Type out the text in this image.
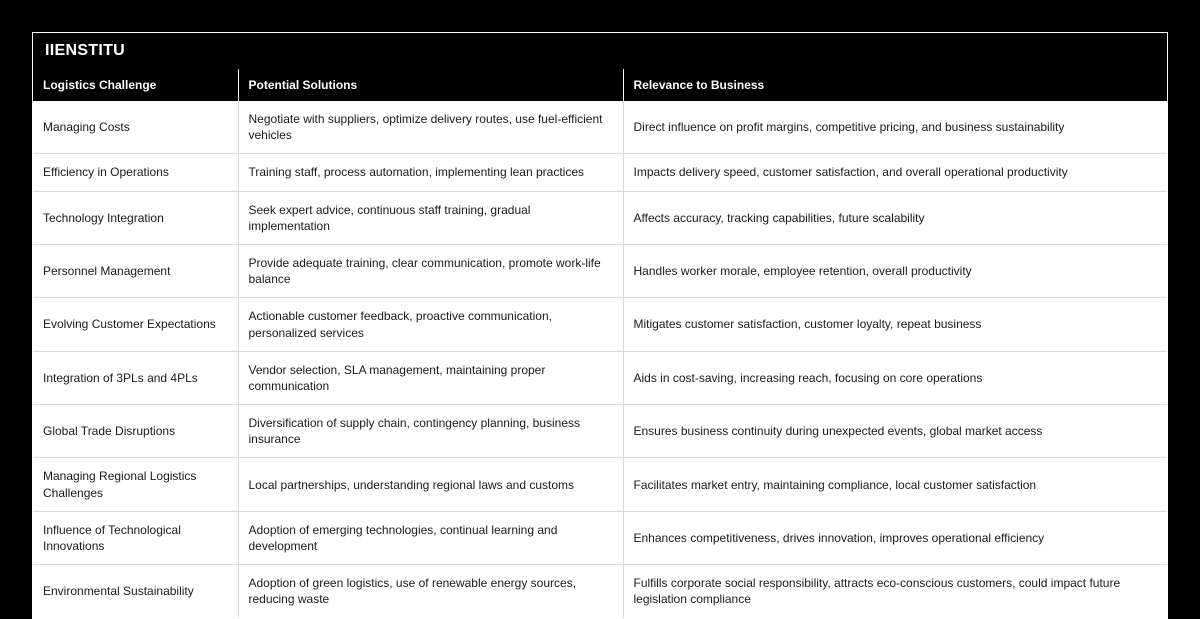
IIENSTITU
Logistics Challenge	Potential Solutions	Relevance to Business
Managing Costs	Negotiate with suppliers, optimize delivery routes, use fuel-efficient vehicles	Direct influence on profit margins, competitive pricing, and business sustainability
Efficiency in Operations	Training staff, process automation, implementing lean practices	Impacts delivery speed, customer satisfaction, and overall operational productivity
Technology Integration	Seek expert advice, continuous staff training, gradual implementation	Affects accuracy, tracking capabilities, future scalability
Personnel Management	Provide adequate training, clear communication, promote work-life balance	Handles worker morale, employee retention, overall productivity
Evolving Customer Expectations	Actionable customer feedback, proactive communication, personalized services	Mitigates customer satisfaction, customer loyalty, repeat business
Integration of 3PLs and 4PLs	Vendor selection, SLA management, maintaining proper communication	Aids in cost-saving, increasing reach, focusing on core operations
Global Trade Disruptions	Diversification of supply chain, contingency planning, business insurance	Ensures business continuity during unexpected events, global market access
Managing Regional Logistics Challenges	Local partnerships, understanding regional laws and customs	Facilitates market entry, maintaining compliance, local customer satisfaction
Influence of Technological Innovations	Adoption of emerging technologies, continual learning and development	Enhances competitiveness, drives innovation, improves operational efficiency
Environmental Sustainability	Adoption of green logistics, use of renewable energy sources, reducing waste	Fulfills corporate social responsibility, attracts eco-conscious customers, could impact future legislation compliance
